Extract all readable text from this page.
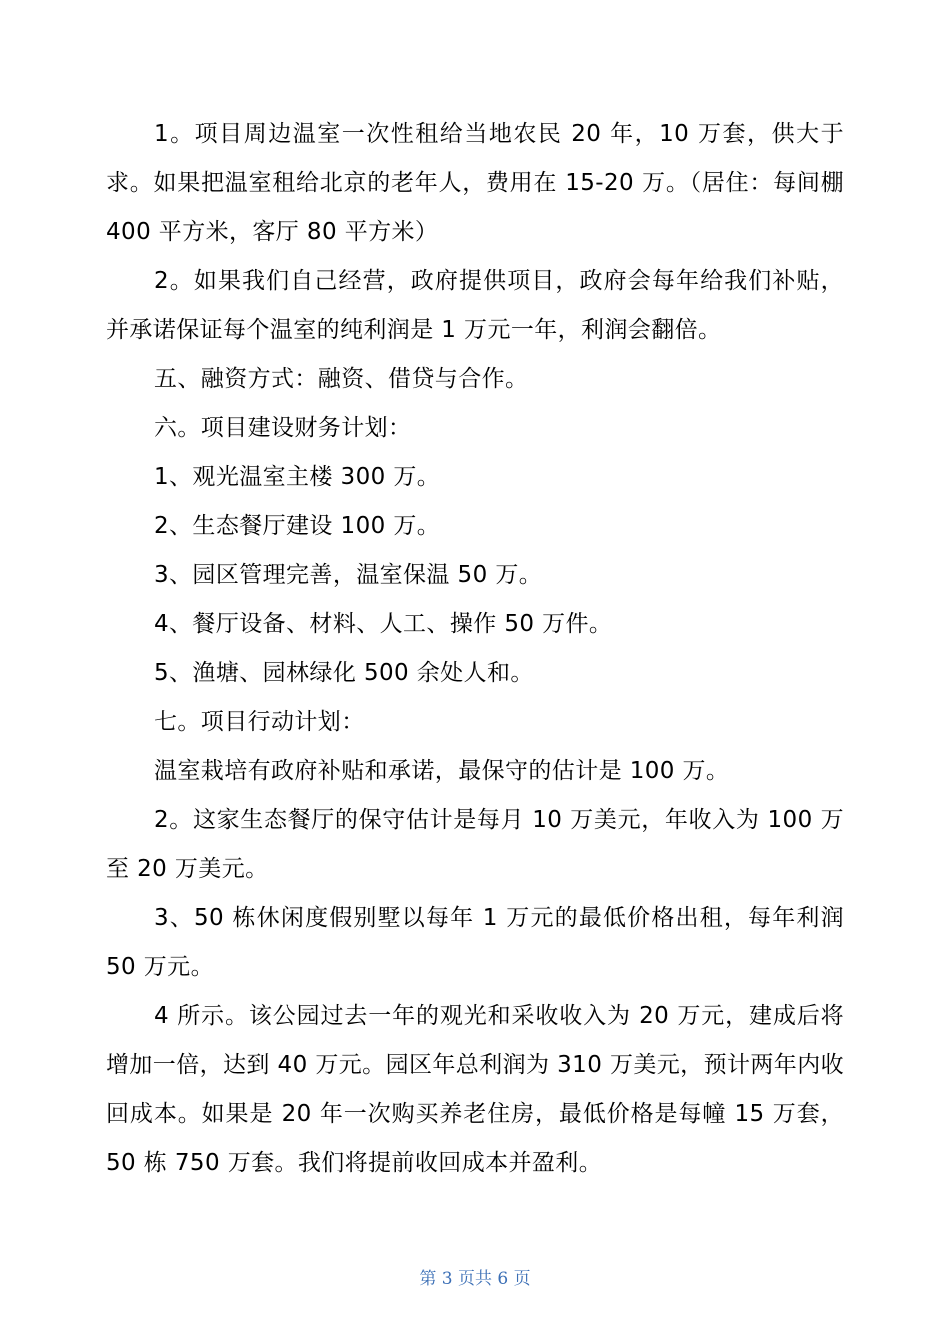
1。项目周边温室一次性租给当地农民 20 年，10 万套，供大于求。如果把温室租给北京的老年人，费用在 15-20 万。（居住：每间棚 400 平方米，客厅 80 平方米）

2。如果我们自己经营，政府提供项目，政府会每年给我们补贴，并承诺保证每个温室的纯利润是 1 万元一年，利润会翻倍。

五、融资方式：融资、借贷与合作。

六。项目建设财务计划：

1、观光温室主楼 300 万。

2、生态餐厅建设 100 万。

3、园区管理完善，温室保温 50 万。

4、餐厅设备、材料、人工、操作 50 万件。

5、渔塘、园林绿化 500 余处人和。

七。项目行动计划：

温室栽培有政府补贴和承诺，最保守的估计是 100 万。

2。这家生态餐厅的保守估计是每月 10 万美元，年收入为 100 万至 20 万美元。

3、50 栋休闲度假别墅以每年 1 万元的最低价格出租，每年利润 50 万元。

4 所示。该公园过去一年的观光和采收收入为 20 万元，建成后将增加一倍，达到 40 万元。园区年总利润为 310 万美元，预计两年内收回成本。如果是 20 年一次购买养老住房，最低价格是每幢 15 万套，50 栋 750 万套。我们将提前收回成本并盈利。

第 3 页共 6 页
